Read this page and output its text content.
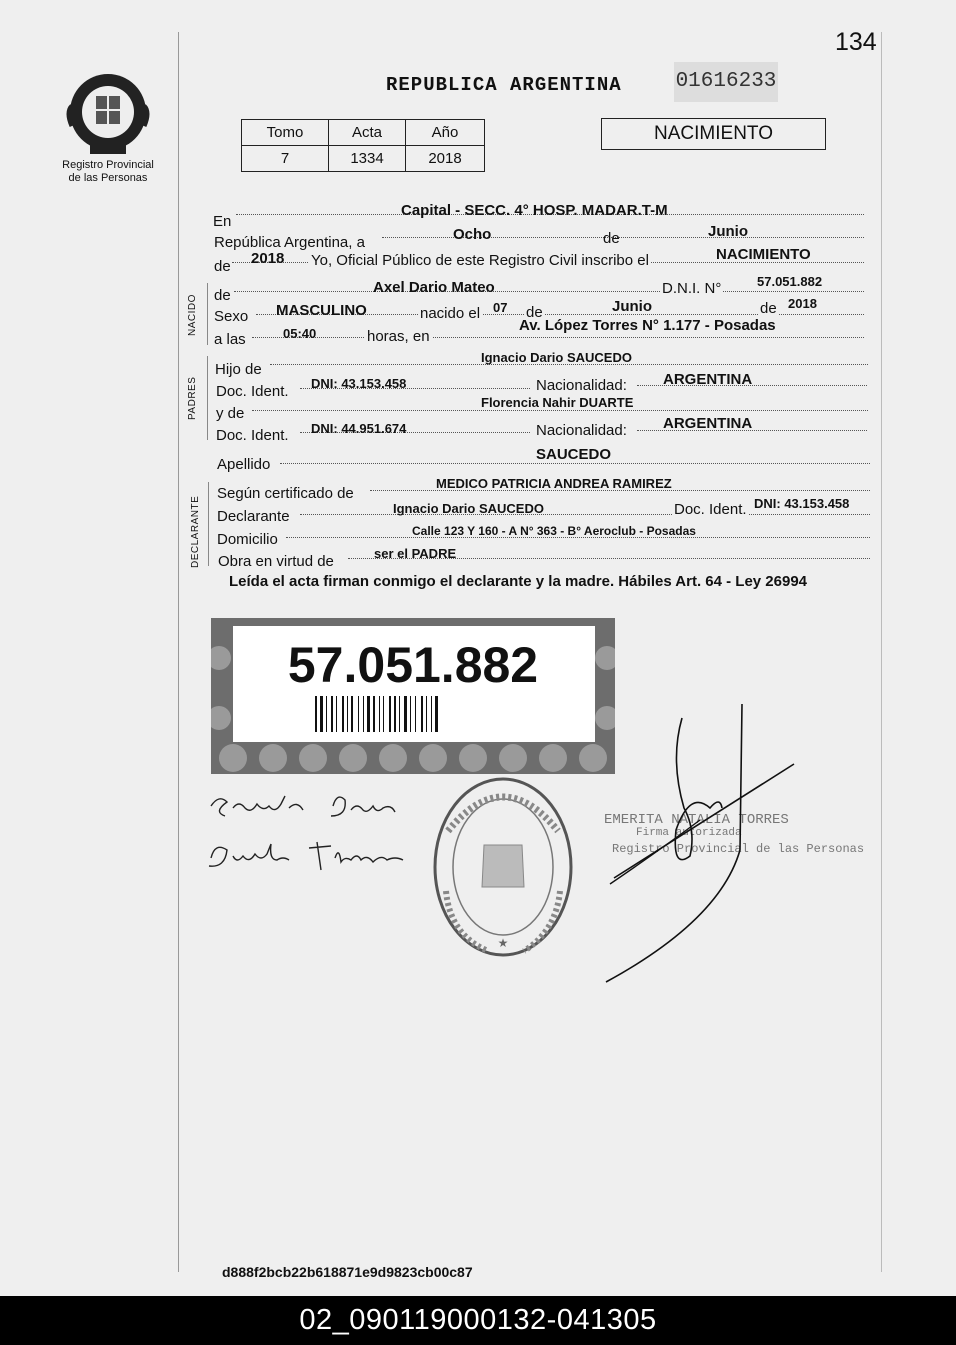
134
Registro Provincial
de las Personas
REPUBLICA ARGENTINA	01616233
Tomo	Acta	Año
7	1334	2018
NACIMIENTO
En
Capital - SECC. 4° HOSP. MADAR.T-M
República Argentina, a	Ocho	de	Junio
de 2018 Yo, Oficial Público de este Registro Civil inscribo el	NACIMIENTO
NACIDO de	Axel Dario Mateo	D.N.I. N°	57.051.882
Sexo MASCULINO	nacido el 07 de	Junio	de 2018
a las	05:40	horas, en
Av. López Torres N° 1.177 - Posadas
PADRES
Hijo de
Ignacio Dario SAUCEDO
Doc. Ident. DNI: 43.153.458	Nacionalidad: ARGENTINA
y de
Florencia Nahir DUARTE
Doc. Ident. DNI: 44.951.674	Nacionalidad: ARGENTINA
Apellido
SAUCEDO
DECLARANTE
Según certificado de
MEDICO PATRICIA ANDREA RAMIREZ
Declarante	Ignacio Dario SAUCEDO	Doc. Ident. DNI: 43.153.458
Domicilio	Calle 123 Y 160 - A N° 363 - B° Aeroclub - Posadas
Obra en virtud de	ser el PADRE
Leída el acta firman conmigo el declarante y la madre. Hábiles Art. 64 - Ley 26994
57.051.882
★
EMERITA NATALIA TORRES
Firma autorizada
Registro Provincial de las Personas
d888f2bcb22b618871e9d9823cb00c87
02_090119000132-041305
